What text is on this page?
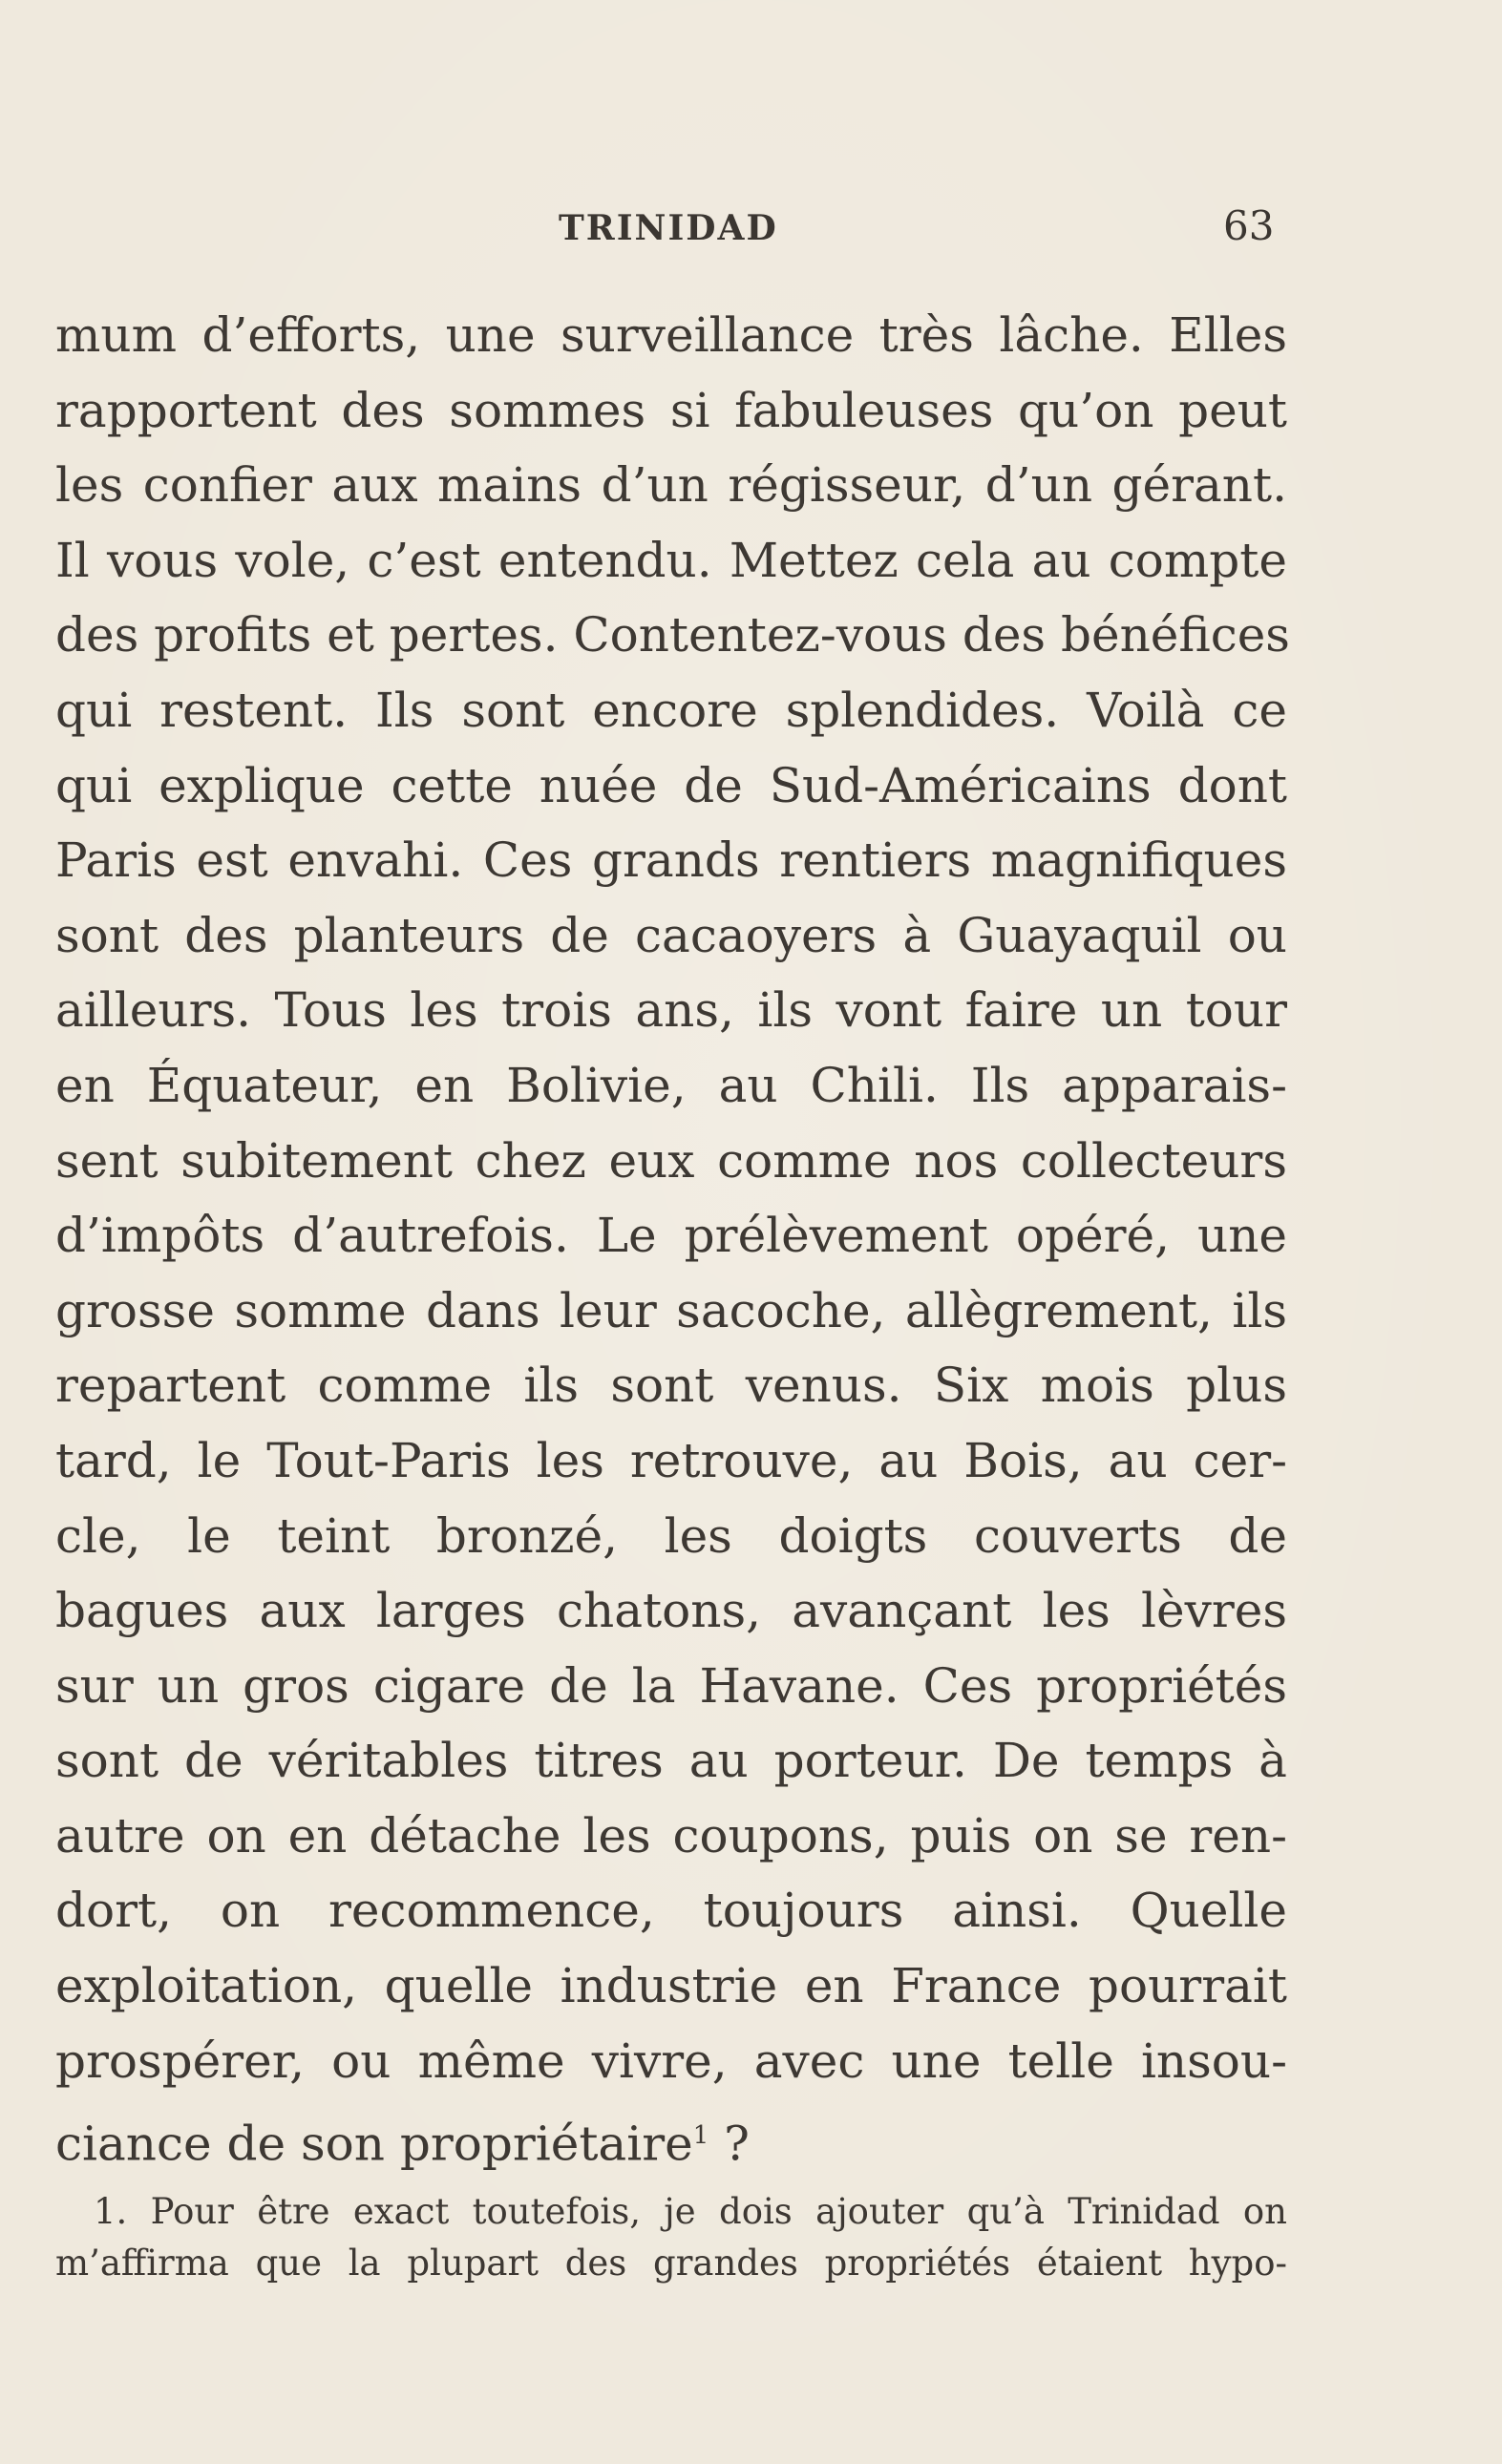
TRINIDAD	63
mum d’efforts, une surveillance très lâche. Elles
rapportent des sommes si fabuleuses qu’on peut
les confier aux mains d’un régisseur, d’un gérant.
Il vous vole, c’est entendu. Mettez cela au compte
des profits et pertes. Contentez-vous des bénéfices
qui restent. Ils sont encore splendides. Voilà ce
qui explique cette nuée de Sud-Américains dont
Paris est envahi. Ces grands rentiers magnifiques
sont des planteurs de cacaoyers à Guayaquil ou
ailleurs. Tous les trois ans, ils vont faire un tour
en Équateur, en Bolivie, au Chili. Ils apparais-
sent subitement chez eux comme nos collecteurs
d’impôts d’autrefois. Le prélèvement opéré, une
grosse somme dans leur sacoche, allègrement, ils
repartent comme ils sont venus. Six mois plus
tard, le Tout-Paris les retrouve, au Bois, au cer-
cle, le teint bronzé, les doigts couverts de
bagues aux larges chatons, avançant les lèvres
sur un gros cigare de la Havane. Ces propriétés
sont de véritables titres au porteur. De temps à
autre on en détache les coupons, puis on se ren-
dort, on recommence, toujours ainsi. Quelle
exploitation, quelle industrie en France pourrait
prospérer, ou même vivre, avec une telle insou-
ciance de son propriétaire$^1$ ?
1. Pour être exact toutefois, je dois ajouter qu’à Trinidad on
m’affirma que la plupart des grandes propriétés étaient hypo-
